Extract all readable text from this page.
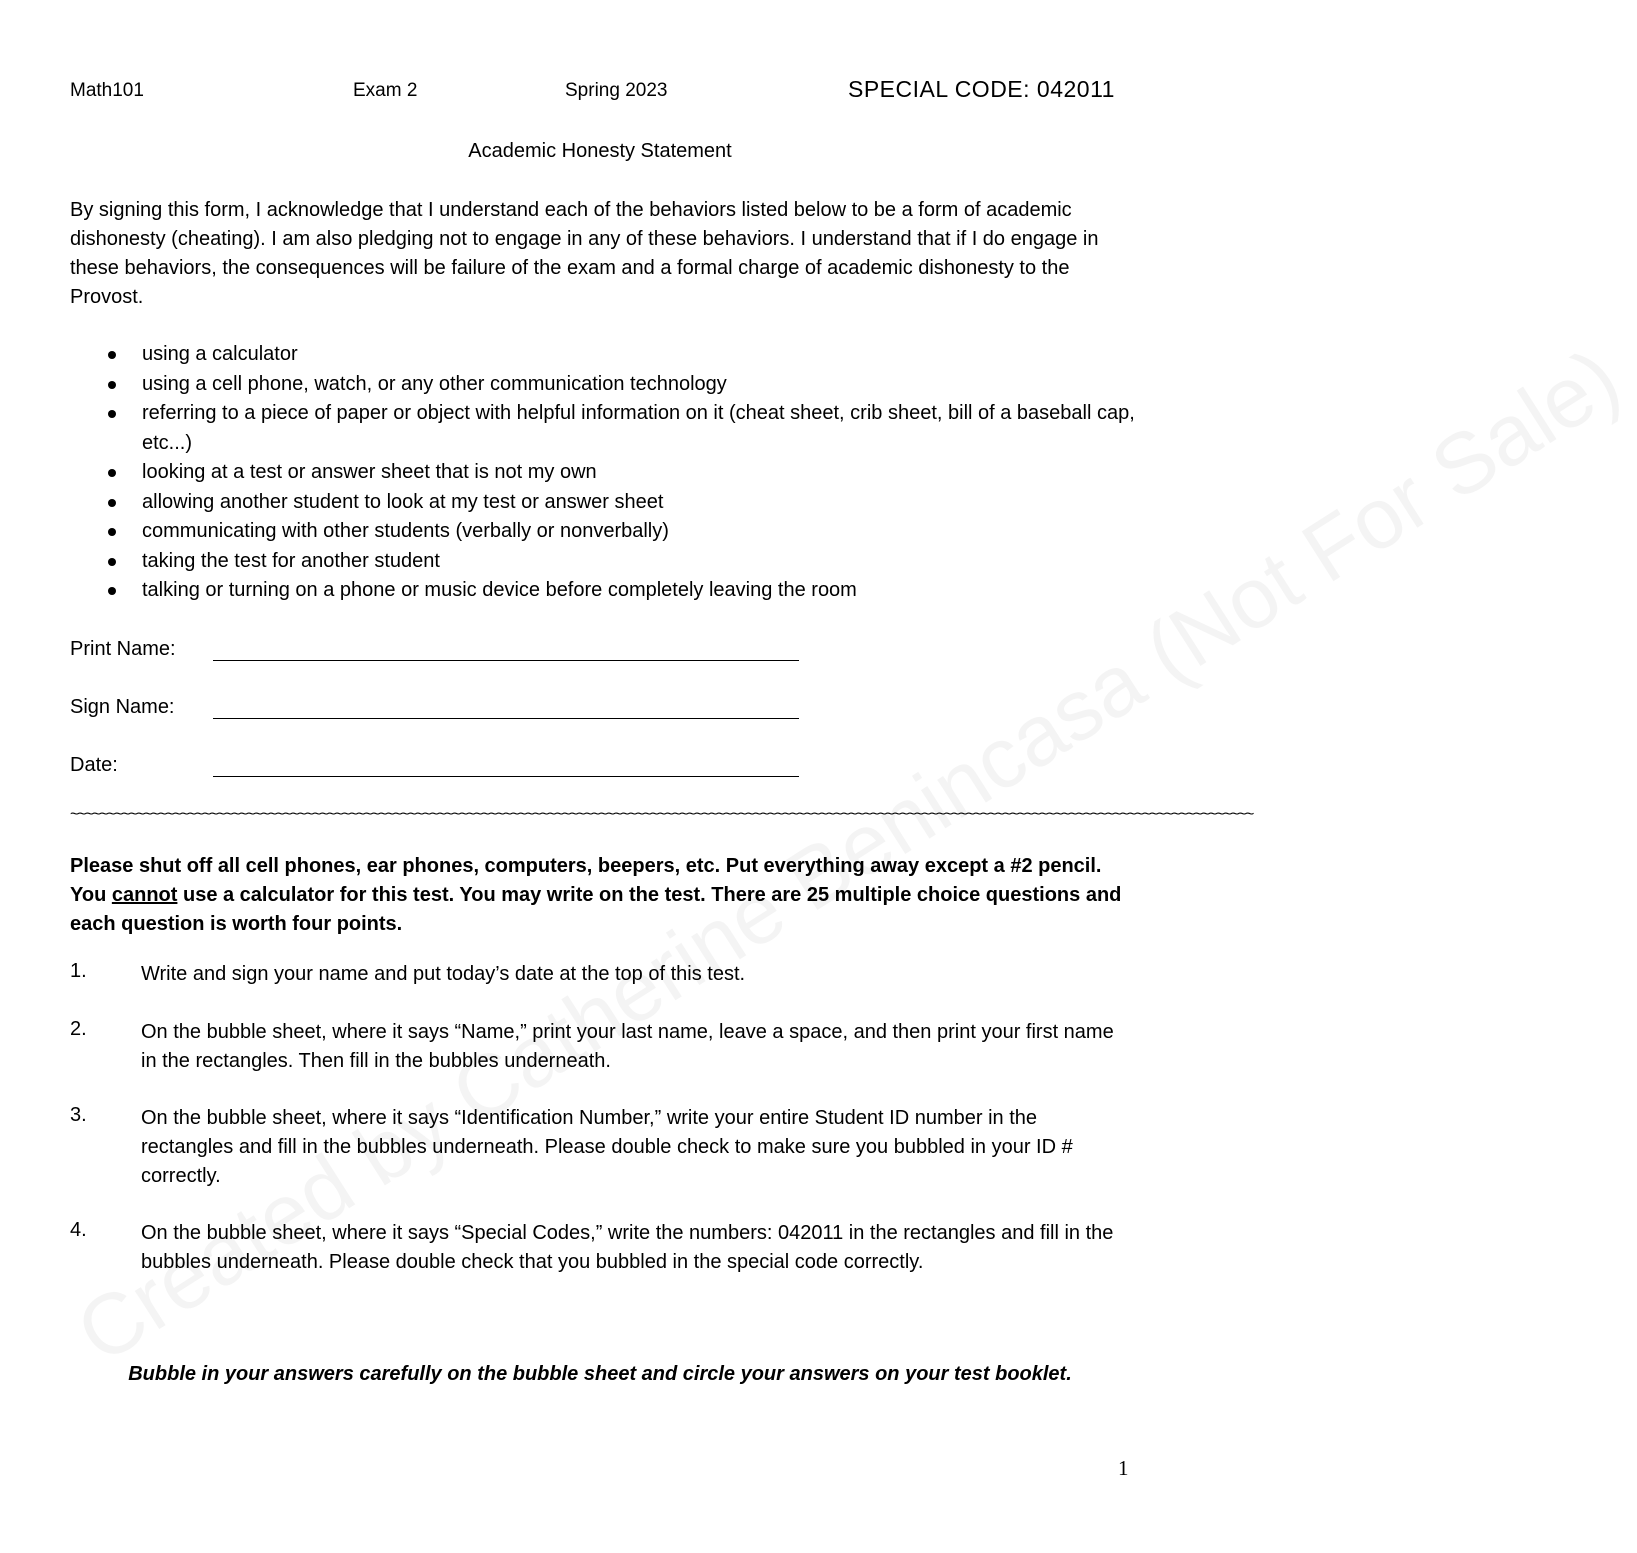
Math101	Exam 2	Spring 2023	SPECIAL CODE: 042011
Academic Honesty Statement
By signing this form, I acknowledge that I understand each of the behaviors listed below to be a form of academic dishonesty (cheating). I am also pledging not to engage in any of these behaviors. I understand that if I do engage in these behaviors, the consequences will be failure of the exam and a formal charge of academic dishonesty to the Provost.
using a calculator
using a cell phone, watch, or any other communication technology
referring to a piece of paper or object with helpful information on it (cheat sheet, crib sheet, bill of a baseball cap, etc...)
looking at a test or answer sheet that is not my own
allowing another student to look at my test or answer sheet
communicating with other students (verbally or nonverbally)
taking the test for another student
talking or turning on a phone or music device before completely leaving the room
Print Name:
Sign Name:
Date:
~~~~~~~~~~~~~~~~~~~~~~~~~~~~~~~~~~~~~~~~~~~~~~~~~~~~~~~~~~~~~~~~~~~~~~~~~~~~~~~~~~~~~~~~~~~~~~~~~~~~~~~~~~~~~~~~~~~~~~~~~~~~~~~~~~~~~~~~~~~~~~~~~~~~~~~~~~~~~~~~~
Please shut off all cell phones, ear phones, computers, beepers, etc. Put everything away except a #2 pencil. You cannot use a calculator for this test. You may write on the test. There are 25 multiple choice questions and each question is worth four points.
1.	Write and sign your name and put today’s date at the top of this test.
2.	On the bubble sheet, where it says “Name,” print your last name, leave a space, and then print your first name in the rectangles. Then fill in the bubbles underneath.
3.	On the bubble sheet, where it says “Identification Number,” write your entire Student ID number in the rectangles and fill in the bubbles underneath. Please double check to make sure you bubbled in your ID # correctly.
4.	On the bubble sheet, where it says “Special Codes,” write the numbers: 042011 in the rectangles and fill in the bubbles underneath. Please double check that you bubbled in the special code correctly.
Bubble in your answers carefully on the bubble sheet and circle your answers on your test booklet.
1
